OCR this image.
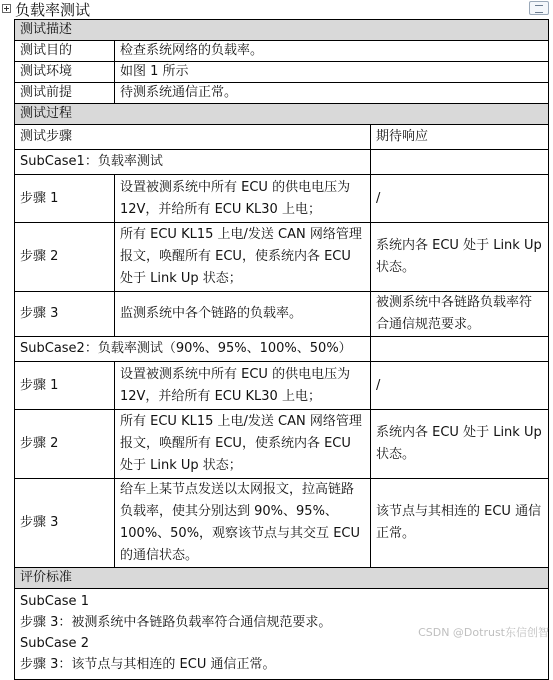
负载率测试
测试描述		
测试目的	检查系统网络的负载率。	
测试环境	如图 1 所示	
测试前提	待测系统通信正常。	
测试过程		
测试步骤		期待响应
SubCase1：负载率测试		
步骤 1	设置被测系统中所有 ECU 的供电电压为 12V，并给所有 ECU KL30 上电；	/
步骤 2	所有 ECU KL15 上电/发送 CAN 网络管理报文，唤醒所有 ECU，使系统内各 ECU 处于 Link Up 状态；	系统内各 ECU 处于 Link Up 状态。
步骤 3	监测系统中各个链路的负载率。	被测系统中各链路负载率符合通信规范要求。
SubCase2：负载率测试（90%、95%、100%、50%）		
步骤 1	设置被测系统中所有 ECU 的供电电压为 12V，并给所有 ECU KL30 上电；	/
步骤 2	所有 ECU KL15 上电/发送 CAN 网络管理报文，唤醒所有 ECU，使系统内各 ECU 处于 Link Up 状态；	系统内各 ECU 处于 Link Up 状态。
步骤 3	给车上某节点发送以太网报文，拉高链路负载率，使其分别达到 90%、95%、100%、50%，观察该节点与其交互 ECU 的通信状态。	该节点与其相连的 ECU 通信正常。
评价标准		

SubCase 1
步骤 3：被测系统中各链路负载率符合通信规范要求。
SubCase 2
步骤 3：该节点与其相连的 ECU 通信正常。		
CSDN @Dotrust东信创智
